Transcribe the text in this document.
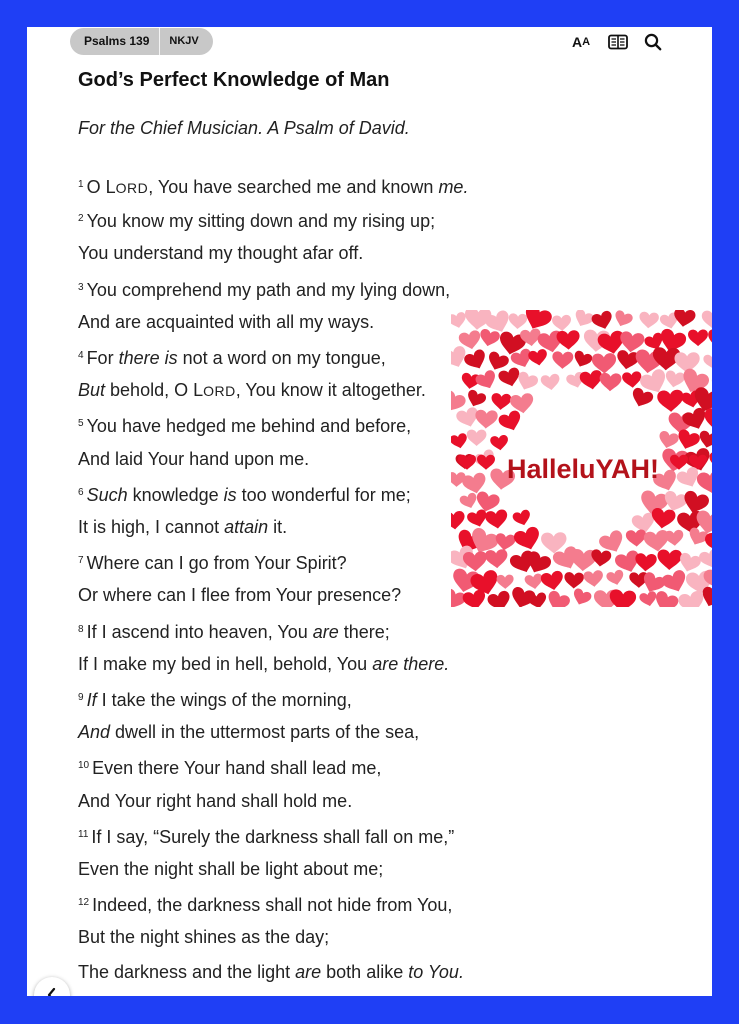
Psalms 139	NKJV	A A
God’s Perfect Knowledge of Man
For the Chief Musician. A Psalm of David.
$^1$ O LORD, You have searched me and known me.
$^2$ You know my sitting down and my rising up;
You understand my thought afar off.
$^3$ You comprehend my path and my lying down,
And are acquainted with all my ways.
$^4$ For there is not a word on my tongue,
But behold, O LORD, You know it altogether.
$^5$ You have hedged me behind and before,
And laid Your hand upon me.
$^6$ Such knowledge is too wonderful for me;
It is high, I cannot attain it.
$^7$ Where can I go from Your Spirit?
Or where can I flee from Your presence?
$^8$ If I ascend into heaven, You are there;
If I make my bed in hell, behold, You are there.
$^9$ If I take the wings of the morning,
And dwell in the uttermost parts of the sea,
$^{10}$ Even there Your hand shall lead me,
And Your right hand shall hold me.
$^{11}$ If I say, “Surely the darkness shall fall on me,”
Even the night shall be light about me;
$^{12}$ Indeed, the darkness shall not hide from You,
But the night shines as the day;
The darkness and the light are both alike to You.
HalleluYAH!
